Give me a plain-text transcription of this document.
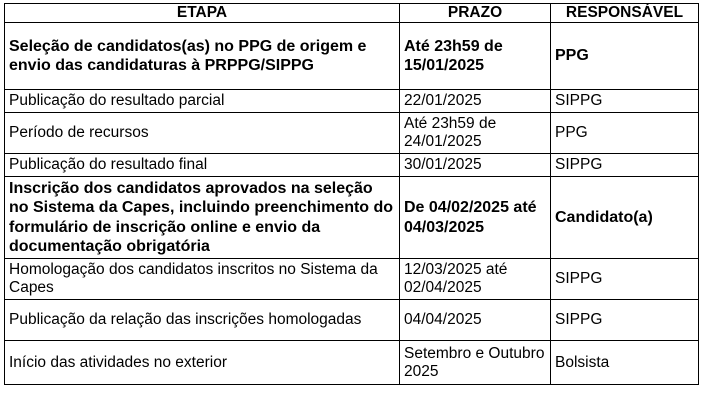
ETAPA	PRAZO	RESPONSÁVEL
Seleção de candidatos(as) no PPG de origem e envio das candidaturas à PRPPG/SIPPG	Até 23h59 de 15/01/2025	PPG
Publicação do resultado parcial	22/01/2025	SIPPG
Período de recursos	Até 23h59 de 24/01/2025	PPG
Publicação do resultado final	30/01/2025	SIPPG
Inscrição dos candidatos aprovados na seleção no Sistema da Capes, incluindo preenchimento do formulário de inscrição online e envio da documentação obrigatória	De 04/02/2025 até 04/03/2025	Candidato(a)
Homologação dos candidatos inscritos no Sistema da Capes	12/03/2025 até 02/04/2025	SIPPG
Publicação da relação das inscrições homologadas	04/04/2025	SIPPG
Início das atividades no exterior	Setembro e Outubro 2025	Bolsista
